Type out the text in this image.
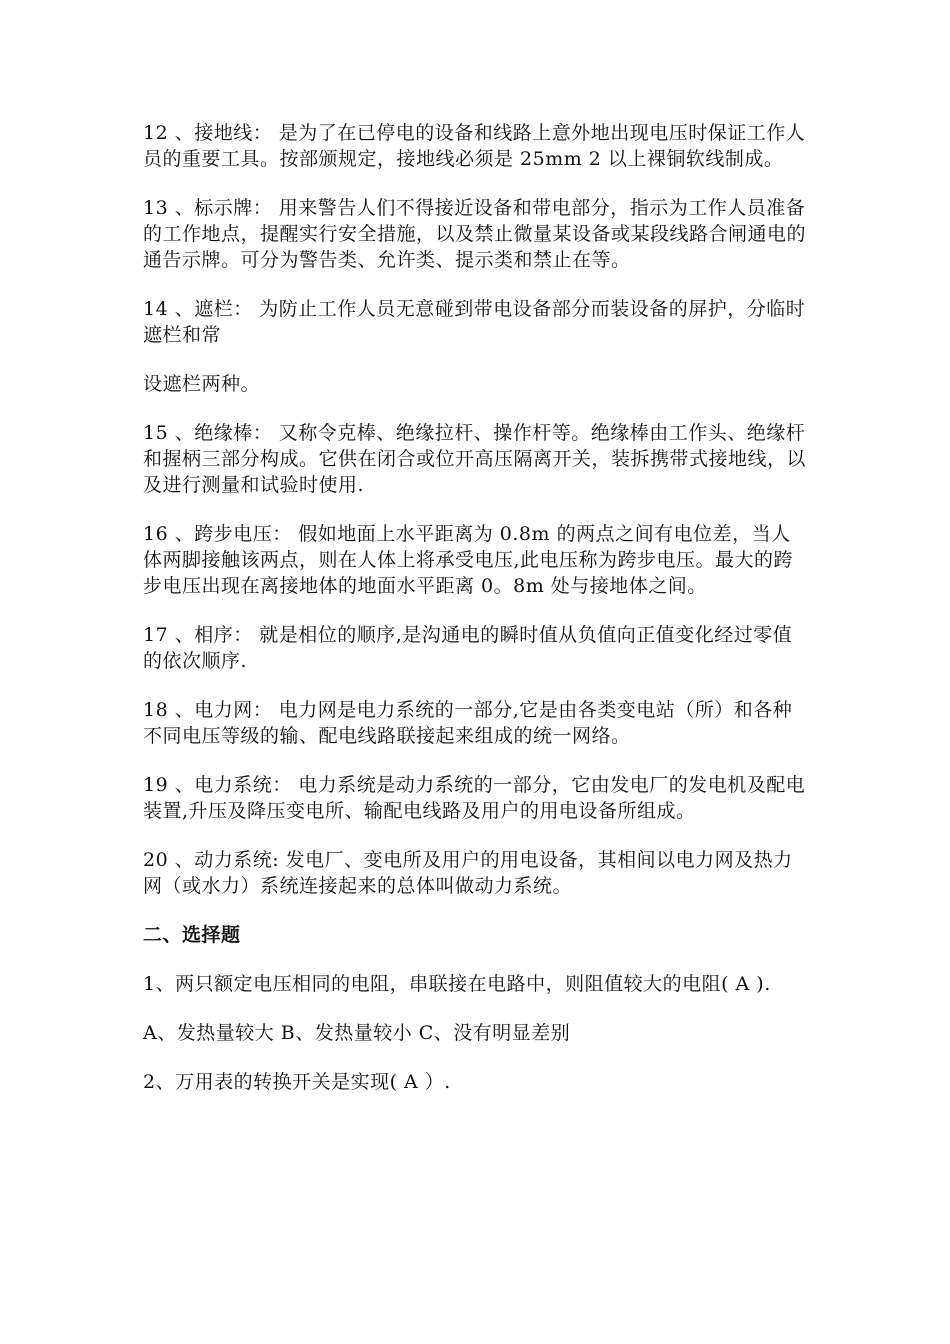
12 、接地线： 是为了在已停电的设备和线路上意外地出现电压时保证工作人员的重要工具。按部颁规定，接地线必须是 25mm 2 以上裸铜软线制成。

13 、标示牌： 用来警告人们不得接近设备和带电部分，指示为工作人员准备的工作地点，提醒实行安全措施，以及禁止微量某设备或某段线路合闸通电的通告示牌。可分为警告类、允许类、提示类和禁止在等。

14 、遮栏： 为防止工作人员无意碰到带电设备部分而装设备的屏护，分临时遮栏和常

设遮栏两种。

15 、绝缘棒： 又称令克棒、绝缘拉杆、操作杆等。绝缘棒由工作头、绝缘杆和握柄三部分构成。它供在闭合或位开高压隔离开关，装拆携带式接地线，以及进行测量和试验时使用.

16 、跨步电压： 假如地面上水平距离为 0.8m 的两点之间有电位差，当人体两脚接触该两点，则在人体上将承受电压,此电压称为跨步电压。最大的跨步电压出现在离接地体的地面水平距离 0。8m 处与接地体之间。

17 、相序： 就是相位的顺序,是沟通电的瞬时值从负值向正值变化经过零值的依次顺序.

18 、电力网： 电力网是电力系统的一部分,它是由各类变电站（所）和各种不同电压等级的输、配电线路联接起来组成的统一网络。

19 、电力系统： 电力系统是动力系统的一部分，它由发电厂的发电机及配电装置,升压及降压变电所、输配电线路及用户的用电设备所组成。

20 、动力系统: 发电厂、变电所及用户的用电设备，其相间以电力网及热力网（或水力）系统连接起来的总体叫做动力系统。

二、选择题

1、两只额定电压相同的电阻，串联接在电路中，则阻值较大的电阻( A ).

A、发热量较大 B、发热量较小 C、没有明显差别

2、万用表的转换开关是实现( A ）.
